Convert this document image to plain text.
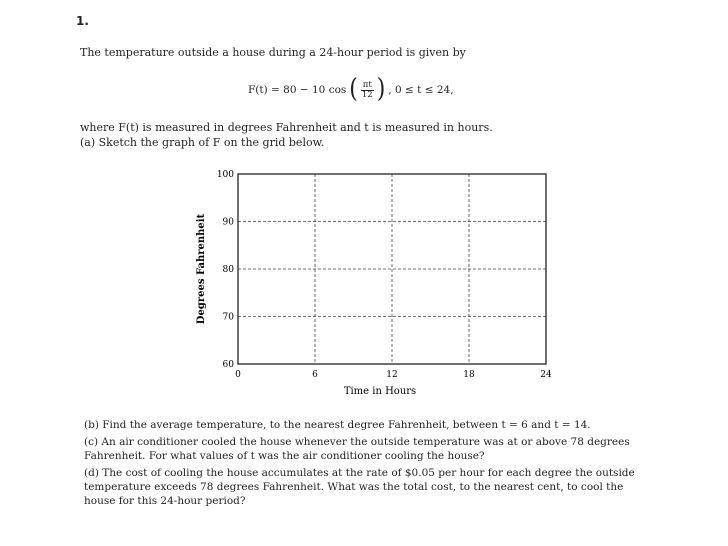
1.
The temperature outside a house during a 24-hour period is given by
F(t) = 80 − 10 cos ( $\frac{\pi t}{12}$ ) , 0 ≤ t ≤ 24,
where F(t) is measured in degrees Fahrenheit and t is measured in hours.
(a) Sketch the graph of F on the grid below.
0	6	12	18	24
60
70
80
90
100
Time in Hours
Degrees Fahrenheit
(b) Find the average temperature, to the nearest degree Fahrenheit, between t = 6 and t = 14.
(c) An air conditioner cooled the house whenever the outside temperature was at or above 78 degrees Fahrenheit. For what values of t was the air conditioner cooling the house?
(d) The cost of cooling the house accumulates at the rate of $0.05 per hour for each degree the outside temperature exceeds 78 degrees Fahrenheit. What was the total cost, to the nearest cent, to cool the house for this 24-hour period?
